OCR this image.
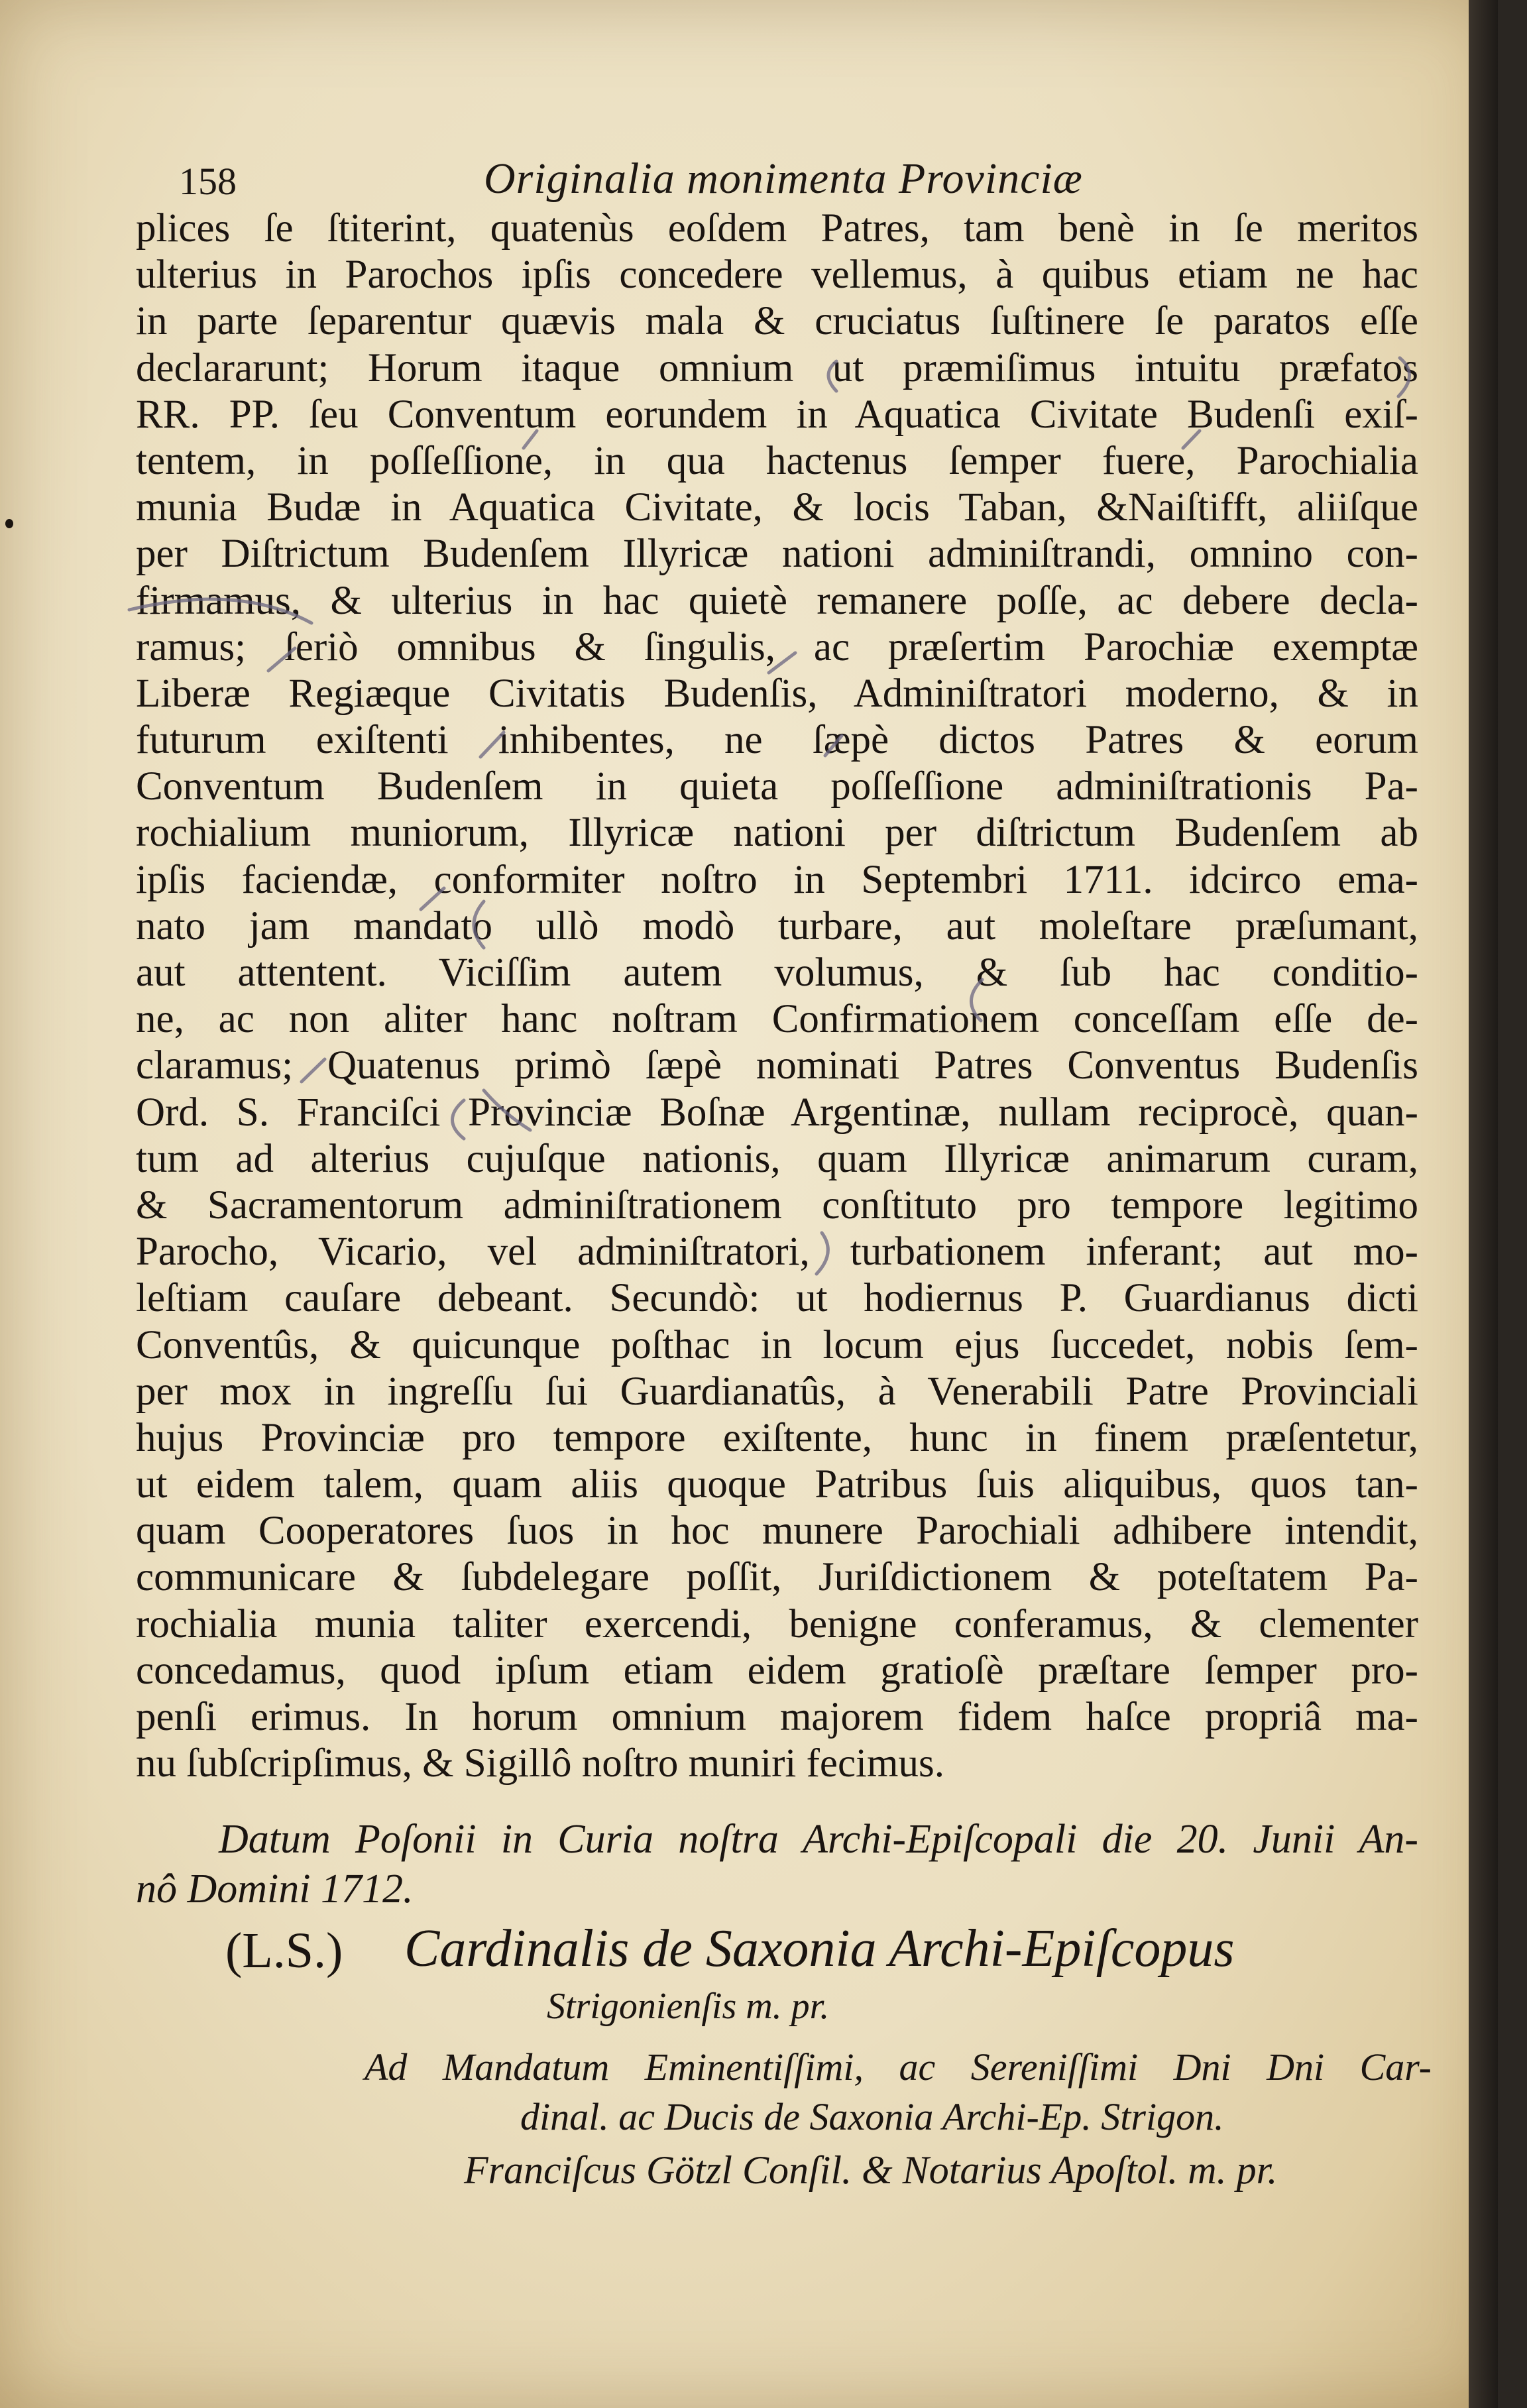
158	Originalia monimenta Provinciæ
plices ſe ſtiterint, quatenùs eoſdem Patres, tam benè in ſe meritos
ulterius in Parochos ipſis concedere vellemus, à quibus etiam ne hac
in parte ſeparentur quævis mala & cruciatus ſuſtinere ſe paratos eſſe
declararunt; Horum itaque omnium ut præmiſimus intuitu præfatos
RR. PP. ſeu Conventum eorundem in Aquatica Civitate Budenſi exiſ-
tentem, in poſſeſſione, in qua hactenus ſemper fuere, Parochialia
munia Budæ in Aquatica Civitate, & locis Taban, &Naiſtifft, aliiſque
per Diſtrictum Budenſem Illyricæ nationi adminiſtrandi, omnino con-
firmamus, & ulterius in hac quietè remanere poſſe, ac debere decla-
ramus; ſeriò omnibus & ſingulis, ac præſertim Parochiæ exemptæ
Liberæ Regiæque Civitatis Budenſis, Adminiſtratori moderno, & in
futurum exiſtenti inhibentes, ne ſæpè dictos Patres & eorum
Conventum Budenſem in quieta poſſeſſione adminiſtrationis Pa-
rochialium muniorum, Illyricæ nationi per diſtrictum Budenſem ab
ipſis faciendæ, conformiter noſtro in Septembri 1711. idcirco ema-
nato jam mandato ullò modò turbare, aut moleſtare præſumant,
aut attentent. Viciſſim autem volumus, & ſub hac conditio-
ne, ac non aliter hanc noſtram Confirmationem conceſſam eſſe de-
claramus; Quatenus primò ſæpè nominati Patres Conventus Budenſis
Ord. S. Franciſci Provinciæ Boſnæ Argentinæ, nullam reciprocè, quan-
tum ad alterius cujuſque nationis, quam Illyricæ animarum curam,
& Sacramentorum adminiſtrationem conſtituto pro tempore legitimo
Parocho, Vicario, vel adminiſtratori, turbationem inferant; aut mo-
leſtiam cauſare debeant. Secundò: ut hodiernus P. Guardianus dicti
Conventûs, & quicunque poſthac in locum ejus ſuccedet, nobis ſem-
per mox in ingreſſu ſui Guardianatûs, à Venerabili Patre Provinciali
hujus Provinciæ pro tempore exiſtente, hunc in finem præſentetur,
ut eidem talem, quam aliis quoque Patribus ſuis aliquibus, quos tan-
quam Cooperatores ſuos in hoc munere Parochiali adhibere intendit,
communicare & ſubdelegare poſſit, Juriſdictionem & poteſtatem Pa-
rochialia munia taliter exercendi, benigne conferamus, & clementer
concedamus, quod ipſum etiam eidem gratioſè præſtare ſemper pro-
penſi erimus. In horum omnium majorem fidem haſce propriâ ma-
nu ſubſcripſimus, & Sigillô noſtro muniri fecimus.
Datum Poſonii in Curia noſtra Archi-Epiſcopali die 20. Junii An-
nô Domini 1712.
(L.S.) Cardinalis de Saxonia Archi-Epiſcopus
Strigonienſis m. pr.
Ad Mandatum Eminentiſſimi, ac Sereniſſimi Dni Dni Car-
dinal. ac Ducis de Saxonia Archi-Ep. Strigon.
Franciſcus Götzl Conſil. & Notarius Apoſtol. m. pr.
